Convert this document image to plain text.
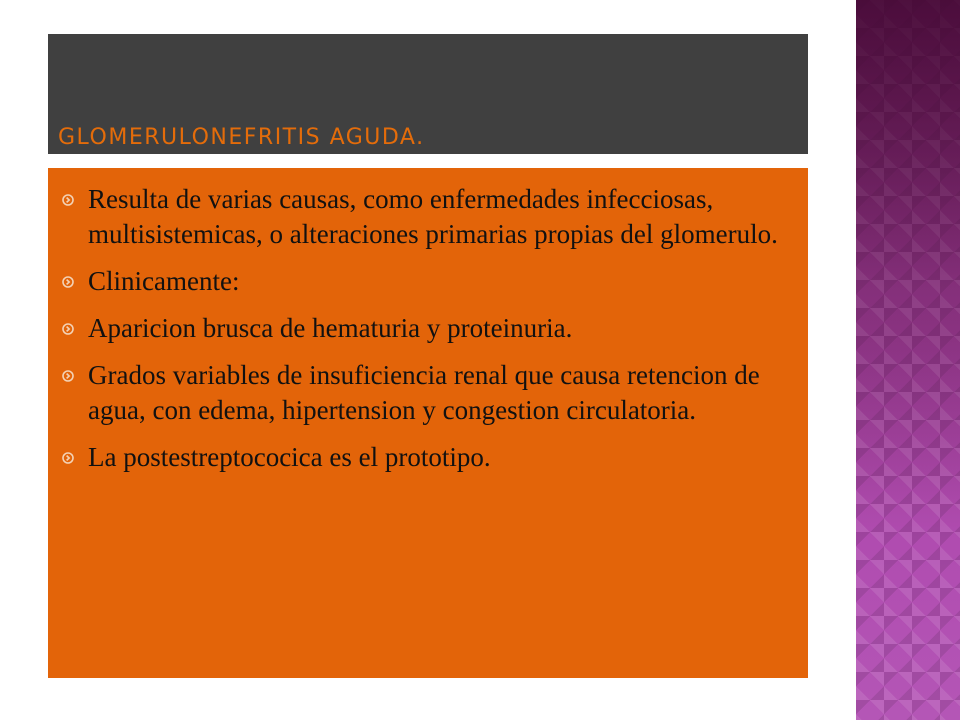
GLOMERULONEFRITIS AGUDA.
Resulta de varias causas, como enfermedades infecciosas, multisistemicas, o alteraciones primarias propias del glomerulo.
Clinicamente:
Aparicion brusca de hematuria y proteinuria.
Grados variables de insuficiencia renal que causa retencion de agua, con edema, hipertension y congestion circulatoria.
La postestreptococica es el prototipo.
